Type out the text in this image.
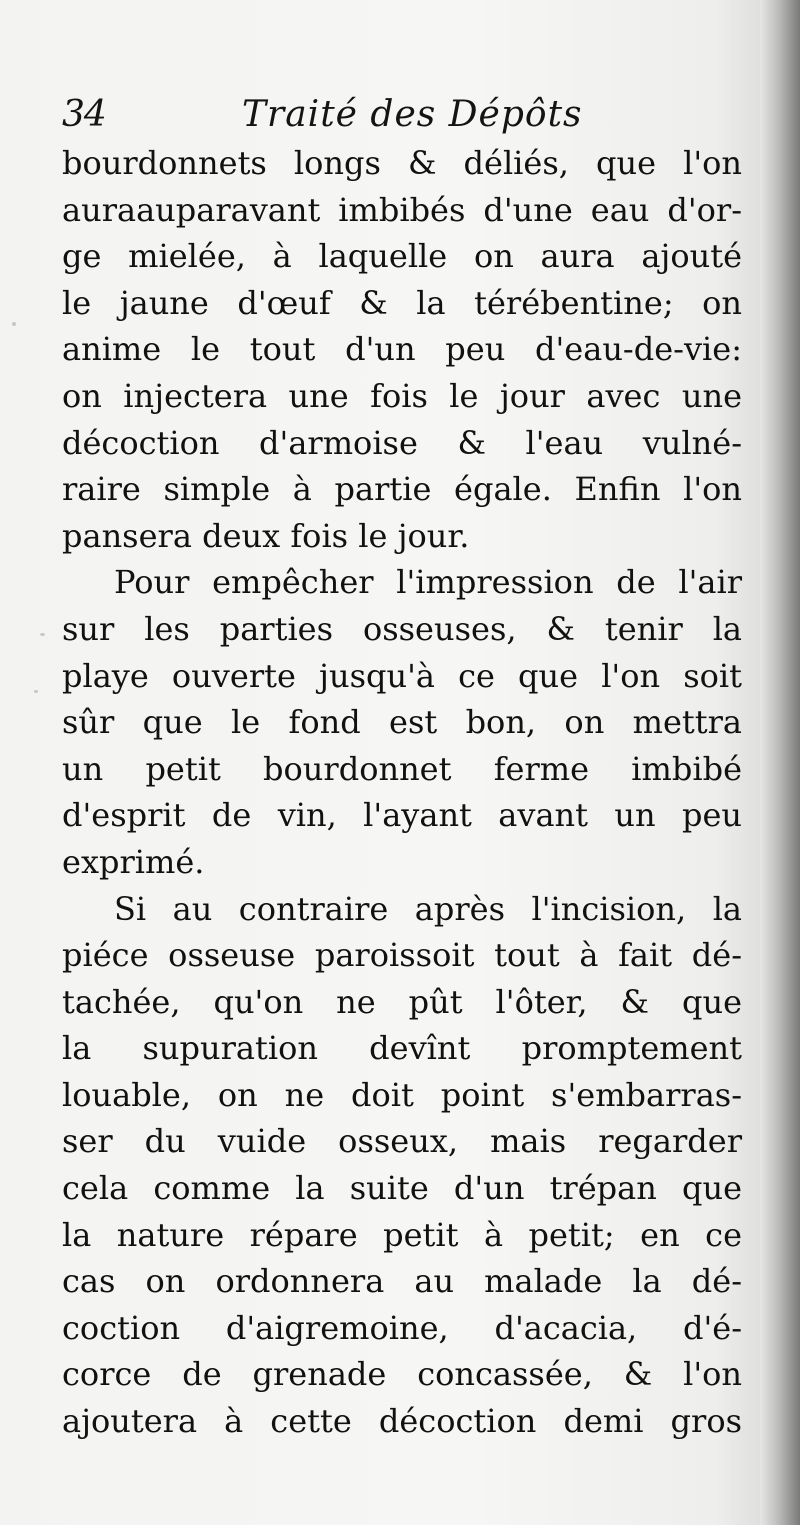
34	Traité des Dépôts
bourdonnets longs & déliés, que l'on
auraauparavant imbibés d'une eau d'or-
ge mielée, à laquelle on aura ajouté
le jaune d'œuf & la térébentine; on
anime le tout d'un peu d'eau-de-vie:
on injectera une fois le jour avec une
décoction d'armoise & l'eau vulné-
raire simple à partie égale. Enfin l'on
pansera deux fois le jour.
Pour empêcher l'impression de l'air
sur les parties osseuses, & tenir la
playe ouverte jusqu'à ce que l'on soit
sûr que le fond est bon, on mettra
un petit bourdonnet ferme imbibé
d'esprit de vin, l'ayant avant un peu
exprimé.
Si au contraire après l'incision, la
piéce osseuse paroissoit tout à fait dé-
tachée, qu'on ne pût l'ôter, & que
la supuration devînt promptement
louable, on ne doit point s'embarras-
ser du vuide osseux, mais regarder
cela comme la suite d'un trépan que
la nature répare petit à petit; en ce
cas on ordonnera au malade la dé-
coction d'aigremoine, d'acacia, d'é-
corce de grenade concassée, & l'on
ajoutera à cette décoction demi gros
